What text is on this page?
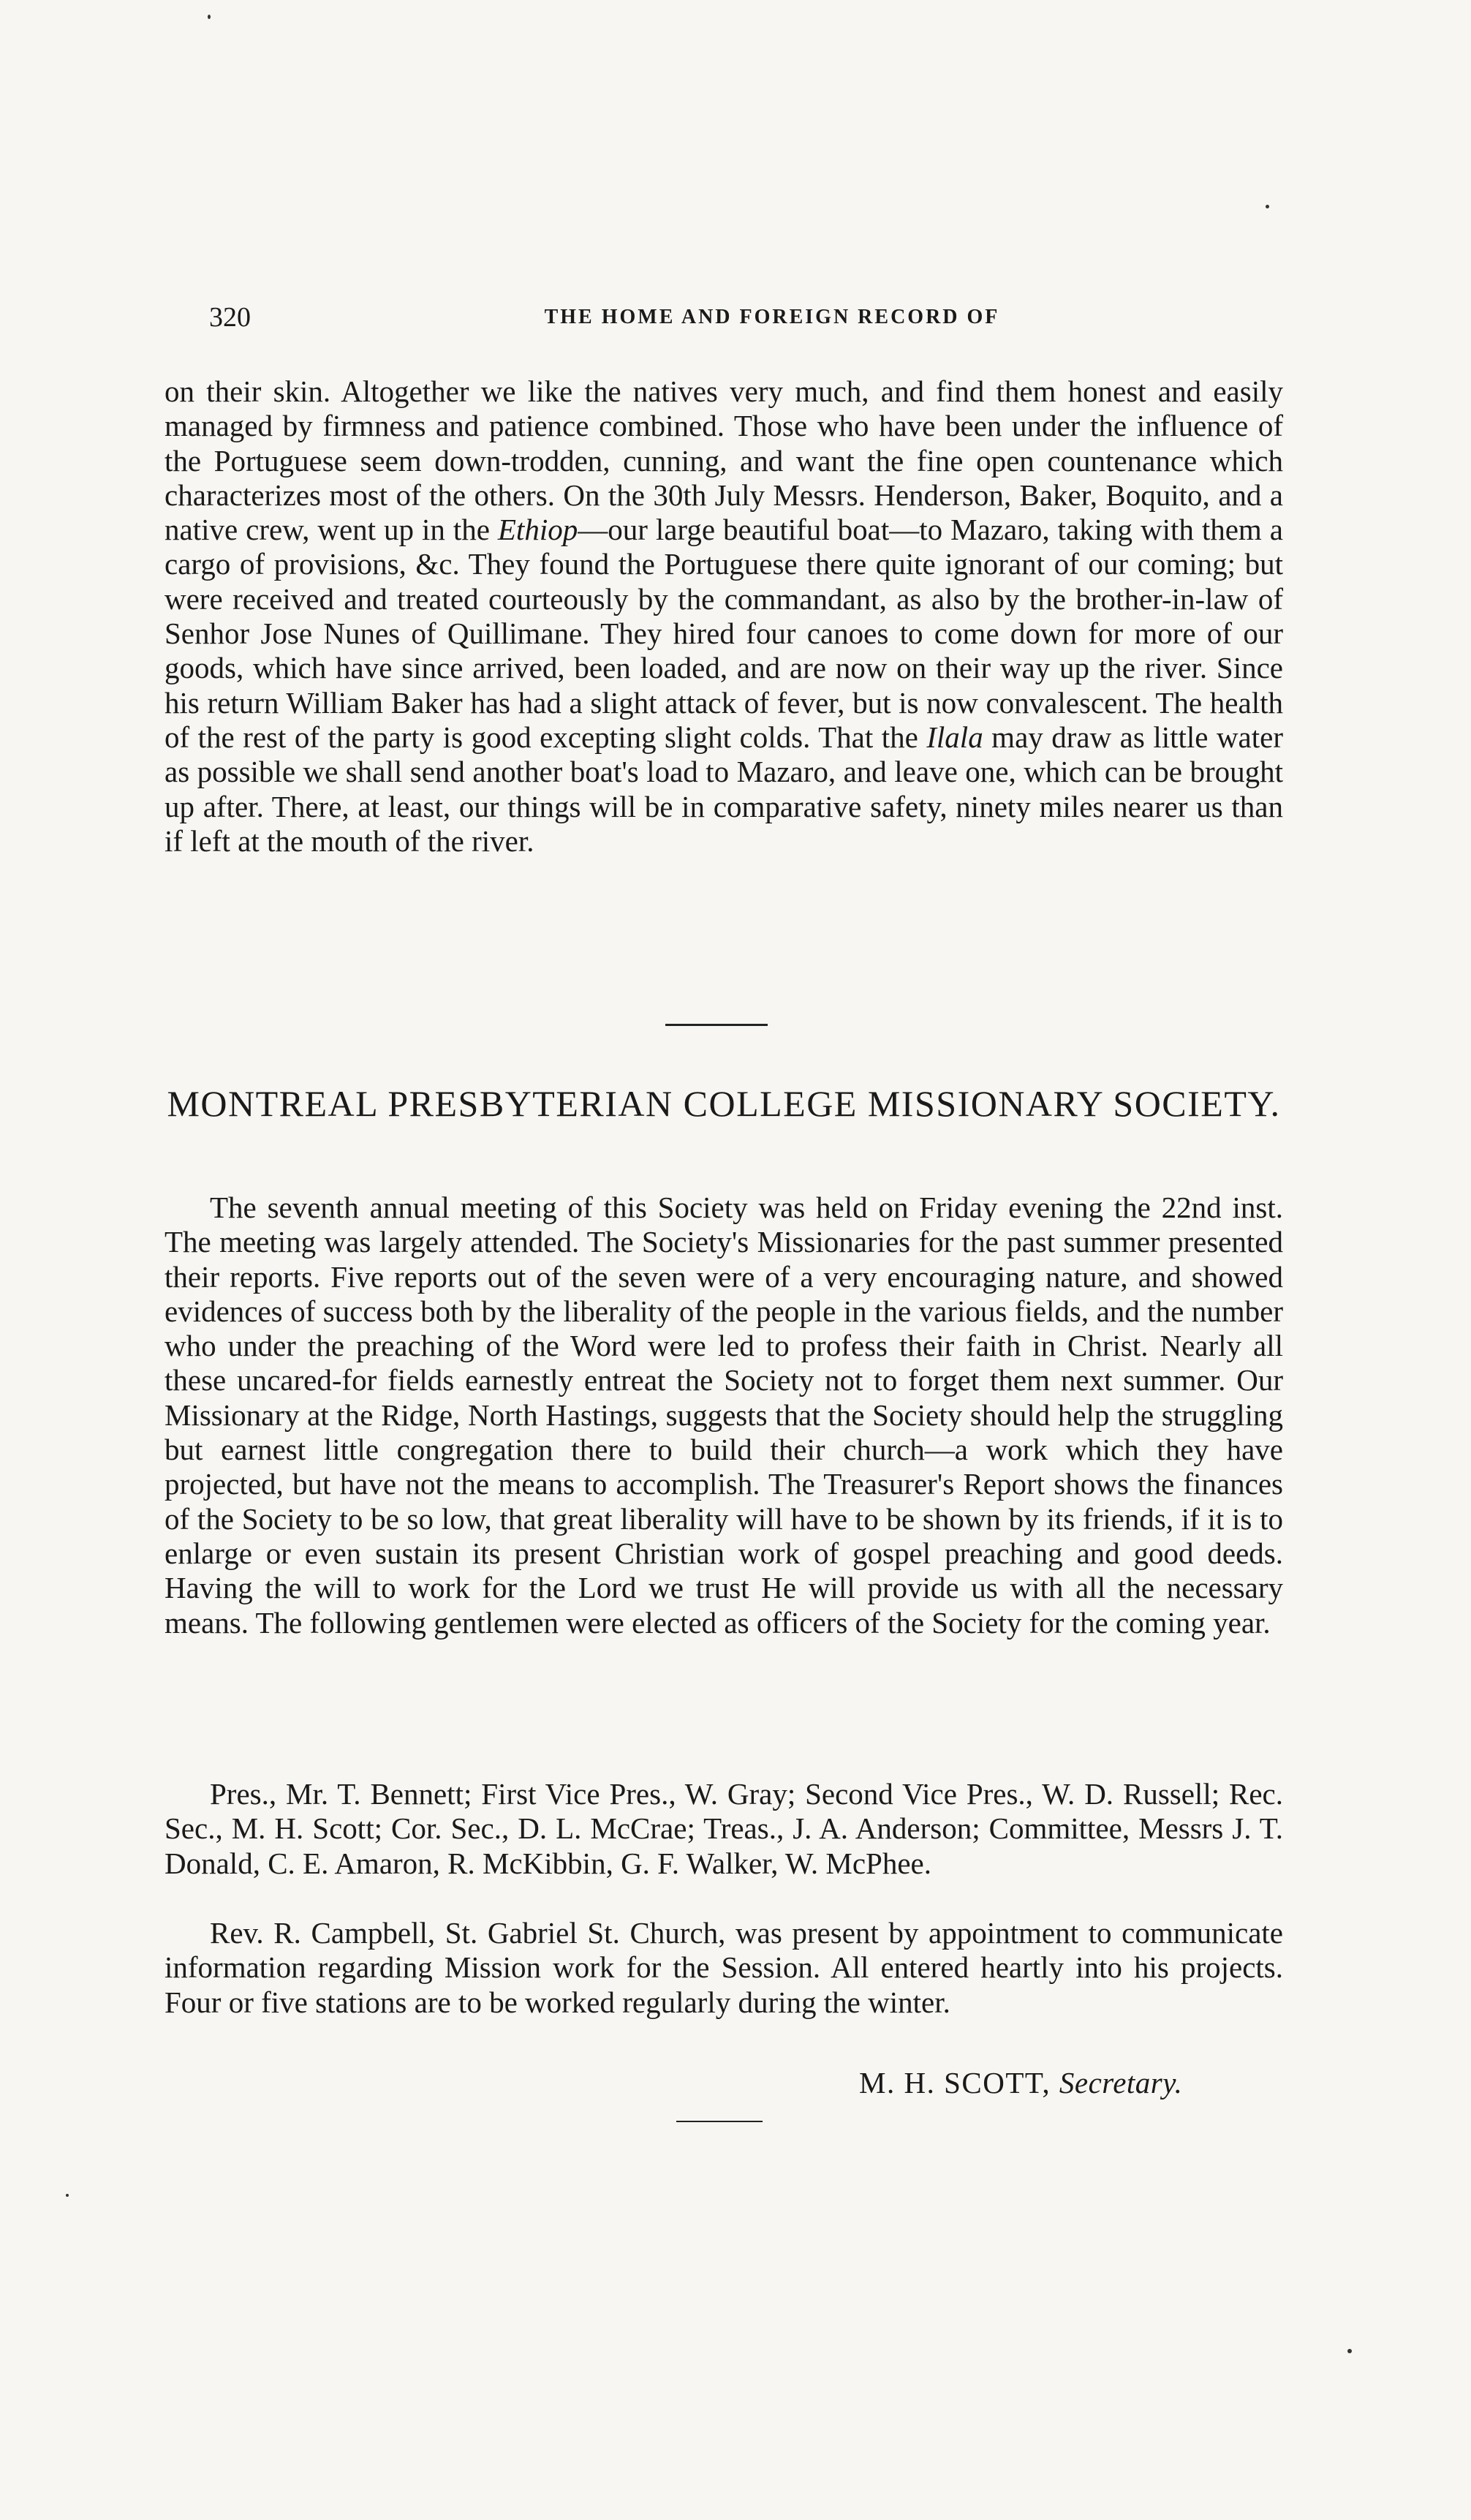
320	THE HOME AND FOREIGN RECORD OF

on their skin. Altogether we like the natives very much, and find them honest and easily managed by firmness and patience combined. Those who have been under the influence of the Portuguese seem down-trodden, cunning, and want the fine open countenance which characterizes most of the others. On the 30th July Messrs. Henderson, Baker, Boquito, and a native crew, went up in the Ethiop—our large beautiful boat—to Mazaro, taking with them a cargo of provisions, &c. They found the Portuguese there quite ignorant of our coming; but were received and treated courteously by the commandant, as also by the brother-in-law of Senhor Jose Nunes of Quillimane. They hired four canoes to come down for more of our goods, which have since arrived, been loaded, and are now on their way up the river. Since his return William Baker has had a slight attack of fever, but is now convalescent. The health of the rest of the party is good excepting slight colds. That the Ilala may draw as little water as possible we shall send another boat's load to Mazaro, and leave one, which can be brought up after. There, at least, our things will be in comparative safety, ninety miles nearer us than if left at the mouth of the river.

MONTREAL PRESBYTERIAN COLLEGE MISSIONARY SOCIETY.

The seventh annual meeting of this Society was held on Friday evening the 22nd inst. The meeting was largely attended. The Society's Missionaries for the past summer presented their reports. Five reports out of the seven were of a very encouraging nature, and showed evidences of success both by the liberality of the people in the various fields, and the number who under the preaching of the Word were led to profess their faith in Christ. Nearly all these uncared-for fields earnestly entreat the Society not to forget them next summer. Our Missionary at the Ridge, North Hastings, suggests that the Society should help the struggling but earnest little congregation there to build their church—a work which they have projected, but have not the means to accomplish. The Treasurer's Report shows the finances of the Society to be so low, that great liberality will have to be shown by its friends, if it is to enlarge or even sustain its present Christian work of gospel preaching and good deeds. Having the will to work for the Lord we trust He will provide us with all the necessary means. The following gentlemen were elected as officers of the Society for the coming year.

Pres., Mr. T. Bennett; First Vice Pres., W. Gray; Second Vice Pres., W. D. Russell; Rec. Sec., M. H. Scott; Cor. Sec., D. L. McCrae; Treas., J. A. Anderson; Committee, Messrs J. T. Donald, C. E. Amaron, R. McKibbin, G. F. Walker, W. McPhee.

Rev. R. Campbell, St. Gabriel St. Church, was present by appointment to communicate information regarding Mission work for the Session. All entered heartly into his projects. Four or five stations are to be worked regularly during the winter.

M. H. SCOTT, Secretary.
